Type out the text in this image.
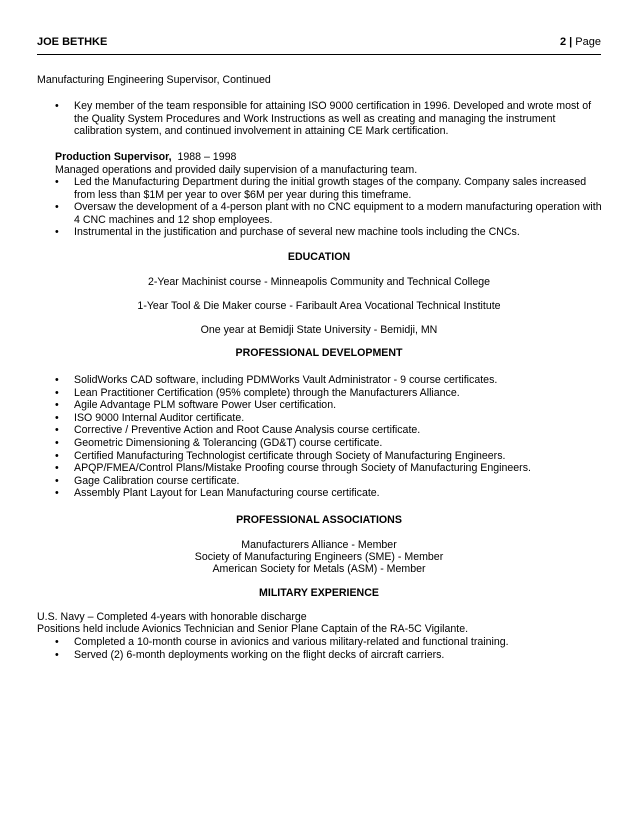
JOE BETHKE	2 | Page
Manufacturing Engineering Supervisor, Continued
• Key member of the team responsible for attaining ISO 9000 certification in 1996. Developed and wrote most of the Quality System Procedures and Work Instructions as well as creating and managing the instrument calibration system, and continued involvement in attaining CE Mark certification.
Production Supervisor, 1988 – 1998
Managed operations and provided daily supervision of a manufacturing team.
• Led the Manufacturing Department during the initial growth stages of the company. Company sales increased from less than $1M per year to over $6M per year during this timeframe.
• Oversaw the development of a 4-person plant with no CNC equipment to a modern manufacturing operation with 4 CNC machines and 12 shop employees.
• Instrumental in the justification and purchase of several new machine tools including the CNCs.
EDUCATION
2-Year Machinist course - Minneapolis Community and Technical College
1-Year Tool & Die Maker course - Faribault Area Vocational Technical Institute
One year at Bemidji State University - Bemidji, MN
PROFESSIONAL DEVELOPMENT
• SolidWorks CAD software, including PDMWorks Vault Administrator - 9 course certificates.
• Lean Practitioner Certification (95% complete) through the Manufacturers Alliance.
• Agile Advantage PLM software Power User certification.
• ISO 9000 Internal Auditor certificate.
• Corrective / Preventive Action and Root Cause Analysis course certificate.
• Geometric Dimensioning & Tolerancing (GD&T) course certificate.
• Certified Manufacturing Technologist certificate through Society of Manufacturing Engineers.
• APQP/FMEA/Control Plans/Mistake Proofing course through Society of Manufacturing Engineers.
• Gage Calibration course certificate.
• Assembly Plant Layout for Lean Manufacturing course certificate.
PROFESSIONAL ASSOCIATIONS
Manufacturers Alliance - Member
Society of Manufacturing Engineers (SME) - Member
American Society for Metals (ASM) - Member
MILITARY EXPERIENCE
U.S. Navy – Completed 4-years with honorable discharge
Positions held include Avionics Technician and Senior Plane Captain of the RA-5C Vigilante.
• Completed a 10-month course in avionics and various military-related and functional training.
• Served (2) 6-month deployments working on the flight decks of aircraft carriers.
